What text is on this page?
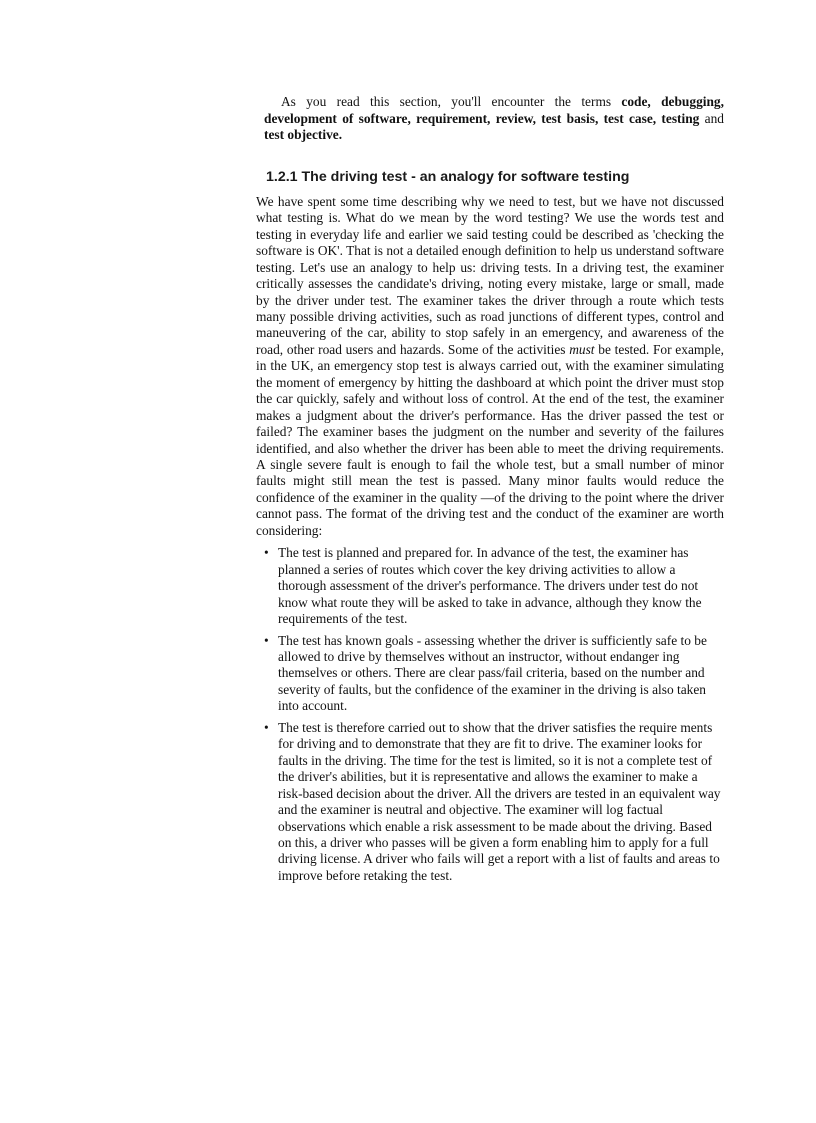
As you read this section, you'll encounter the terms code, debugging, development of software, requirement, review, test basis, test case, testing and test objective.

1.2.1 The driving test - an analogy for software testing

We have spent some time describing why we need to test, but we have not discussed what testing is. What do we mean by the word testing? We use the words test and testing in everyday life and earlier we said testing could be described as 'checking the software is OK'. That is not a detailed enough definition to help us understand software testing. Let's use an analogy to help us: driving tests. In a driving test, the examiner critically assesses the candidate's driving, noting every mistake, large or small, made by the driver under test. The examiner takes the driver through a route which tests many possible driving activities, such as road junctions of different types, control and maneuvering of the car, ability to stop safely in an emergency, and awareness of the road, other road users and hazards. Some of the activities must be tested. For example, in the UK, an emergency stop test is always carried out, with the examiner simulating the moment of emergency by hitting the dashboard at which point the driver must stop the car quickly, safely and without loss of control. At the end of the test, the examiner makes a judgment about the driver's performance. Has the driver passed the test or failed? The examiner bases the judgment on the number and severity of the failures identified, and also whether the driver has been able to meet the driving requirements. A single severe fault is enough to fail the whole test, but a small number of minor faults might still mean the test is passed. Many minor faults would reduce the confidence of the examiner in the quality —of the driving to the point where the driver cannot pass. The format of the driving test and the conduct of the examiner are worth considering:

• The test is planned and prepared for. In advance of the test, the examiner has planned a series of routes which cover the key driving activities to allow a thorough assessment of the driver's performance. The drivers under test do not know what route they will be asked to take in advance, although they know the requirements of the test.
• The test has known goals - assessing whether the driver is sufficiently safe to be allowed to drive by themselves without an instructor, without endanger ing themselves or others. There are clear pass/fail criteria, based on the number and severity of faults, but the confidence of the examiner in the driving is also taken into account.
• The test is therefore carried out to show that the driver satisfies the require ments for driving and to demonstrate that they are fit to drive. The examiner looks for faults in the driving. The time for the test is limited, so it is not a complete test of the driver's abilities, but it is representative and allows the examiner to make a risk-based decision about the driver. All the drivers are tested in an equivalent way and the examiner is neutral and objective. The examiner will log factual observations which enable a risk assessment to be made about the driving. Based on this, a driver who passes will be given a form enabling him to apply for a full driving license. A driver who fails will get a report with a list of faults and areas to improve before retaking the test.
